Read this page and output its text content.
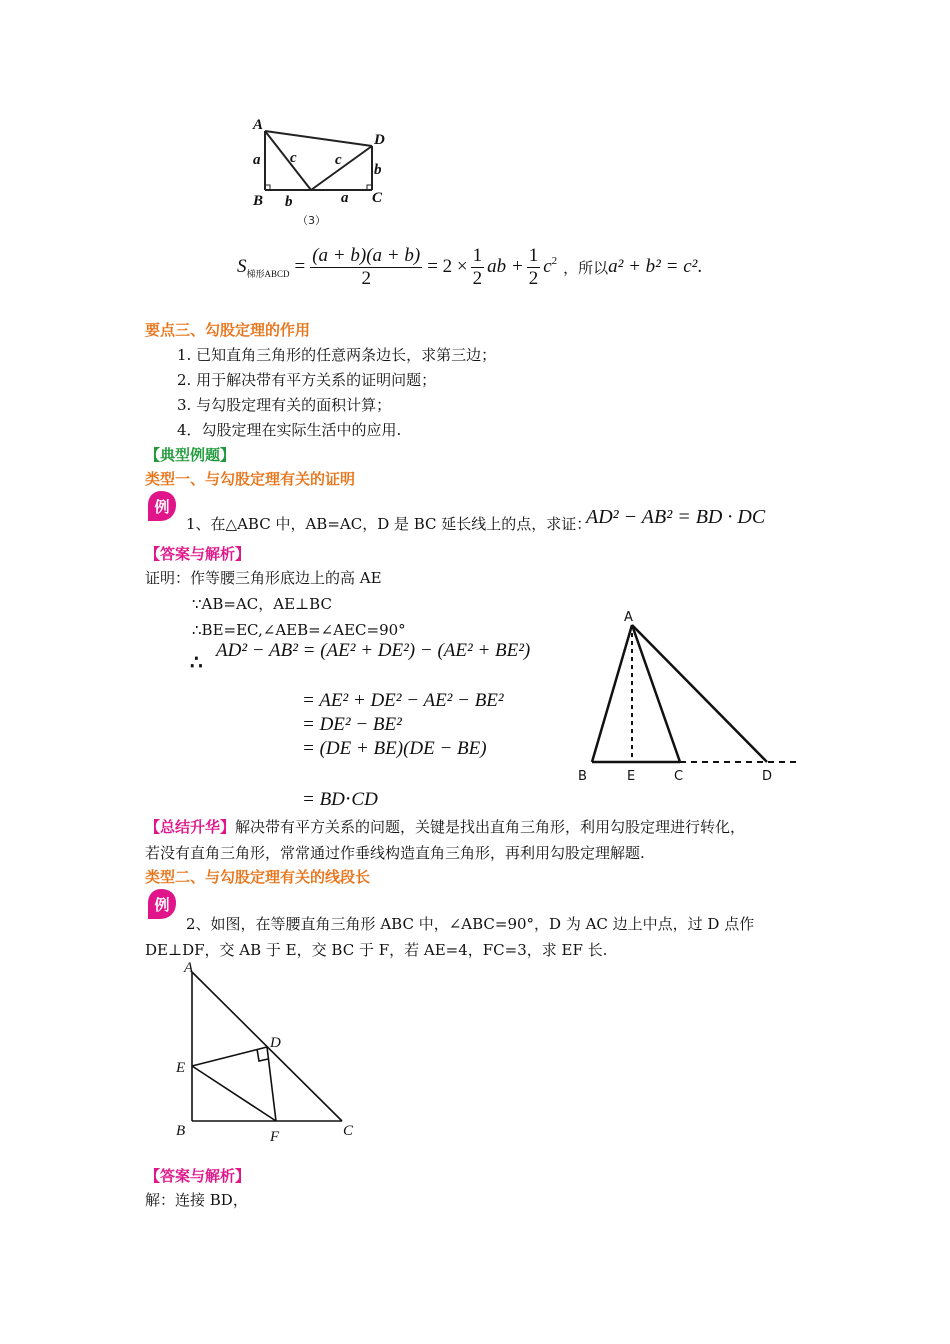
A
D
B	C
a c	c
b
b	a
（3）
S 梯形ABCD = $\frac{(a + b)(a + b)}{2} = 2 \times \frac{1}{2}$ ab + $\frac{1}{2} c^2$ ，所以 a² + b² = c² .
要点三、勾股定理的作用
1. 已知直角三角形的任意两条边长，求第三边；
2. 用于解决带有平方关系的证明问题；
3. 与勾股定理有关的面积计算；
4．勾股定理在实际生活中的应用.
【典型例题】
类型一、与勾股定理有关的证明
例
1、在△ABC 中，AB=AC，D 是 BC 延长线上的点，求证：
AD² − AB² = BD · DC
【答案与解析】
证明：作等腰三角形底边上的高 AE
∵AB=AC，AE⊥BC
∴BE=EC,∠AEB=∠AEC=90°
∴ AD² − AB² = (AE² + DE²) − (AE² + BE²)
= AE² + DE² − AE² − BE²
= DE² − BE²
= (DE + BE)(DE − BE)
= BD⋅CD
A
B	E	C	D
【总结升华】解决带有平方关系的问题，关键是找出直角三角形，利用勾股定理进行转化，
若没有直角三角形，常常通过作垂线构造直角三角形，再利用勾股定理解题.
类型二、与勾股定理有关的线段长
例
2、如图，在等腰直角三角形 ABC 中，∠ABC=90°，D 为 AC 边上中点，过 D 点作
DE⊥DF，交 AB 于 E，交 BC 于 F，若 AE=4，FC=3，求 EF 长.
A
D
E
B	F	C
【答案与解析】
解：连接 BD，
